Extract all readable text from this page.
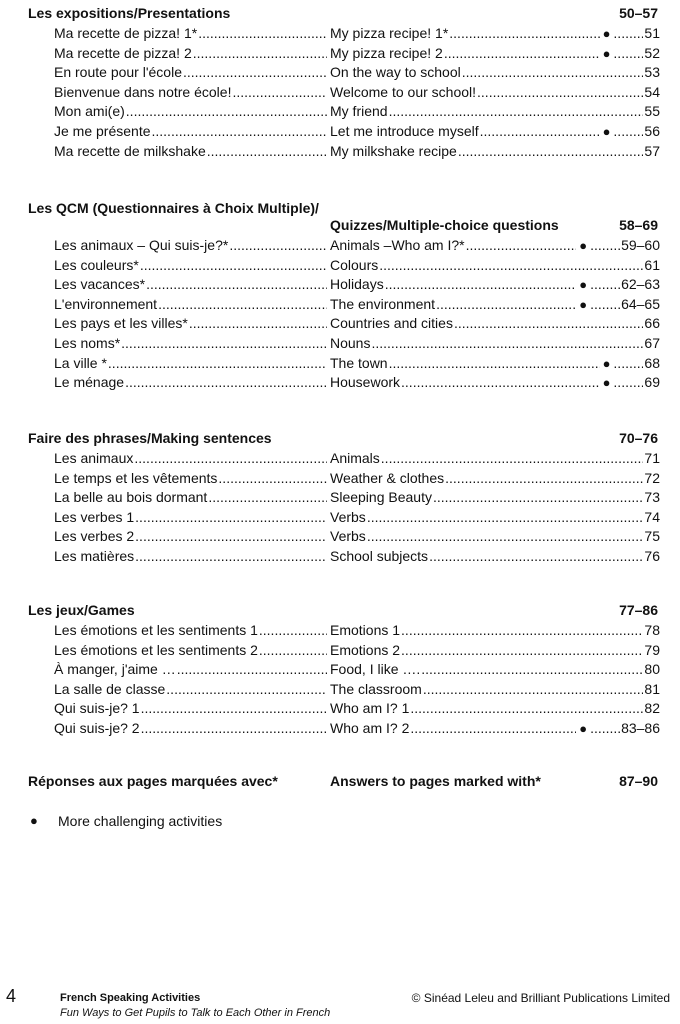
Les expositions/Presentations	50–57
Ma recette de pizza! 1* .....	My pizza recipe! 1* .....	● ..... 51
Ma recette de pizza! 2 .....	My pizza recipe! 2 .....	● ..... 52
En route pour l'école .....	On the way to school .....	53
Bienvenue dans notre école! .....	Welcome to our school! .....	54
Mon ami(e) .....	My friend .....	55
Je me présente .....	Let me introduce myself .....	● ..... 56
Ma recette de milkshake .....	My milkshake recipe .....	57
Les QCM (Questionnaires à Choix Multiple)/
Quizzes/Multiple-choice questions	58–69
Les animaux – Qui suis-je?* .....	Animals –Who am I?* .....	● ..... 59–60
Les couleurs* .....	Colours .....	61
Les vacances* .....	Holidays .....	● ..... 62–63
L'environnement .....	The environment .....	● ..... 64–65
Les pays et les villes* .....	Countries and cities .....	66
Les noms* .....	Nouns .....	67
La ville * .....	The town .....	● ..... 68
Le ménage .....	Housework .....	● ..... 69
Faire des phrases/Making sentences	70–76
Les animaux .....	Animals .....	71
Le temps et les vêtements .....	Weather & clothes .....	72
La belle au bois dormant .....	Sleeping Beauty .....	73
Les verbes 1 .....	Verbs .....	74
Les verbes 2 .....	Verbs .....	75
Les matières .....	School subjects .....	76
Les jeux/Games	77–86
Les émotions et les sentiments 1 .....	Emotions 1 .....	78
Les émotions et les sentiments 2 .....	Emotions 2 .....	79
À manger, j'aime … .....	Food, I like …. .....	80
La salle de classe .....	The classroom .....	81
Qui suis-je? 1 .....	Who am I? 1 .....	82
Qui suis-je? 2 .....	Who am I? 2 .....	● ..... 83–86
Réponses aux pages marquées avec*	Answers to pages marked with*	87–90
●	More challenging activities
4	French Speaking Activities
Fun Ways to Get Pupils to Talk to Each Other in French
© Sinéad Leleu and Brilliant Publications Limited
